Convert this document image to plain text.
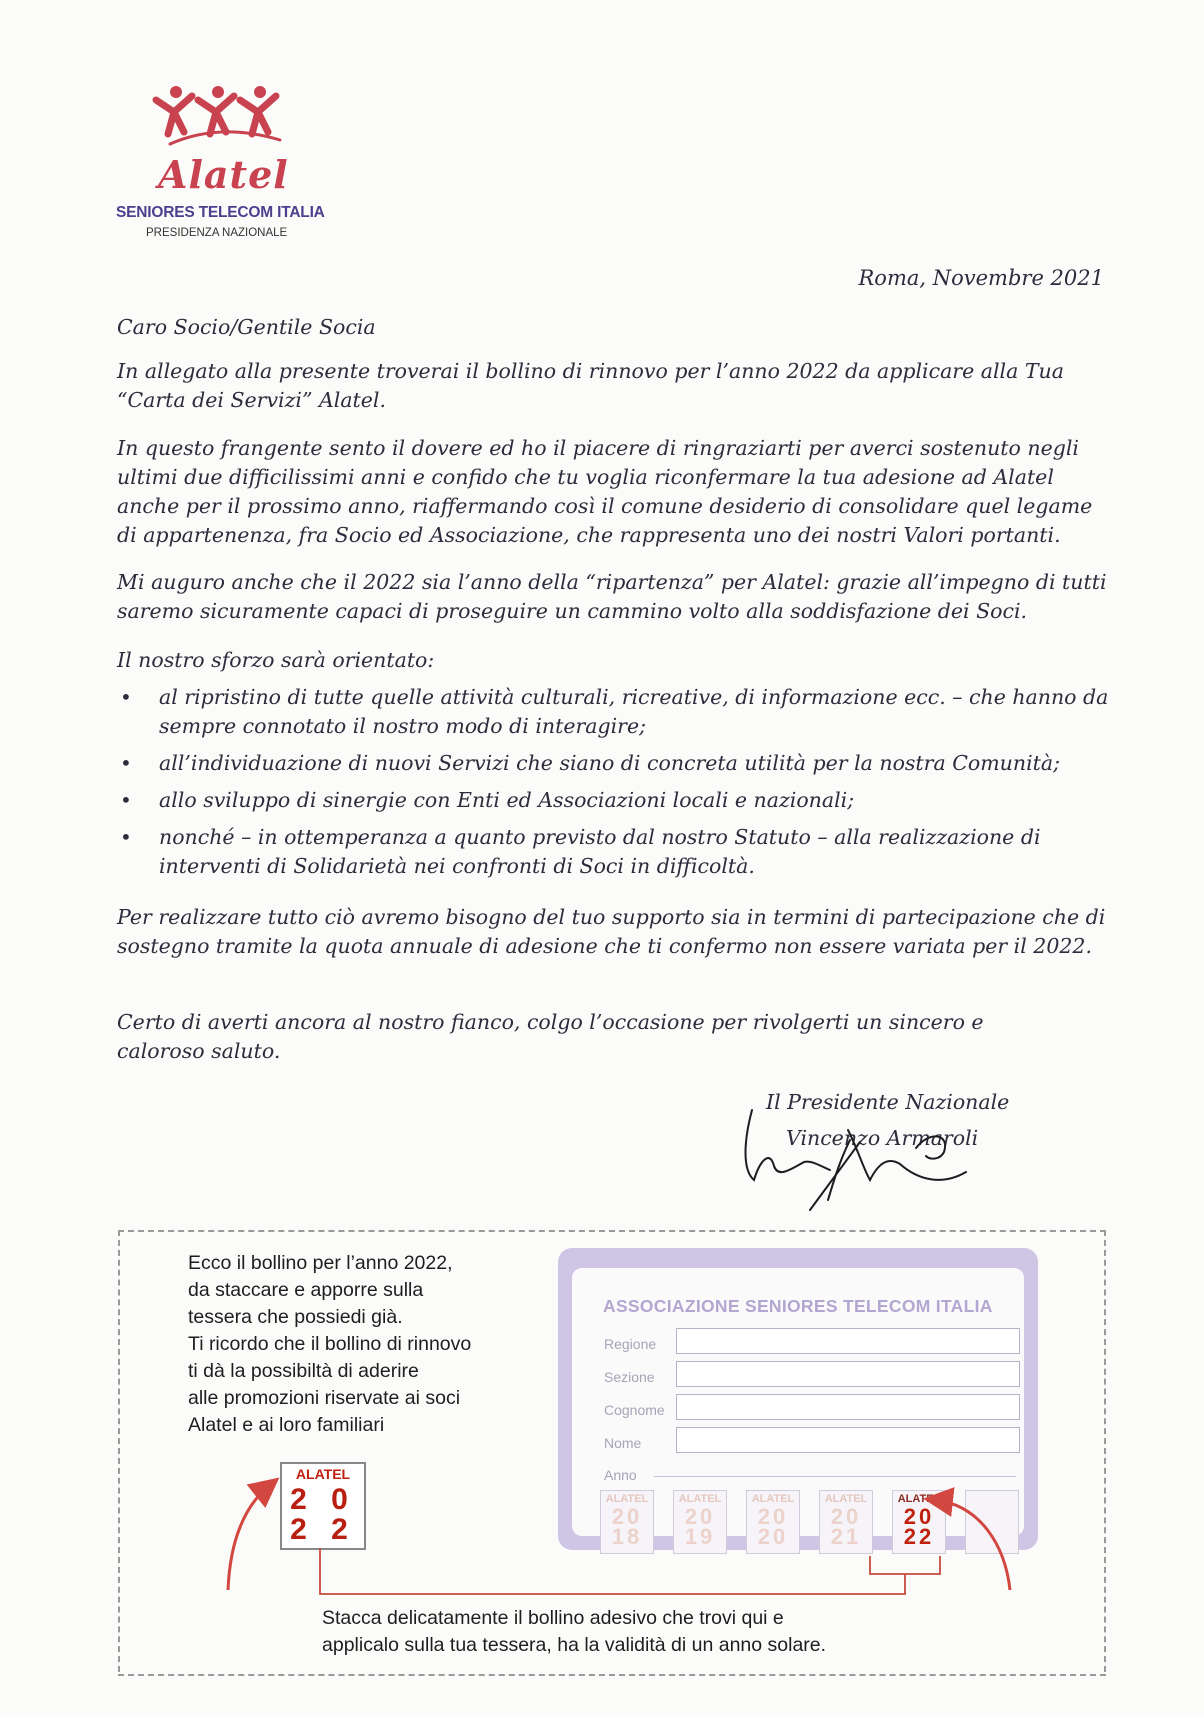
Alatel
SENIORES TELECOM ITALIA
PRESIDENZA NAZIONALE
Roma, Novembre 2021
Caro Socio/Gentile Socia

In allegato alla presente troverai il bollino di rinnovo per l’anno 2022 da applicare alla Tua “Carta dei Servizi” Alatel.

In questo frangente sento il dovere ed ho il piacere di ringraziarti per averci sostenuto negli ultimi due difficilissimi anni e confido che tu voglia riconfermare la tua adesione ad Alatel anche per il prossimo anno, riaffermando così il comune desiderio di consolidare quel legame di appartenenza, fra Socio ed Associazione, che rappresenta uno dei nostri Valori portanti.

Mi auguro anche che il 2022 sia l’anno della “ripartenza” per Alatel: grazie all’impegno di tutti saremo sicuramente capaci di proseguire un cammino volto alla soddisfazione dei Soci.

Il nostro sforzo sarà orientato:

• al ripristino di tutte quelle attività culturali, ricreative, di informazione ecc. – che hanno da sempre connotato il nostro modo di interagire;
• all’individuazione di nuovi Servizi che siano di concreta utilità per la nostra Comunità;
• allo sviluppo di sinergie con Enti ed Associazioni locali e nazionali;
• nonché – in ottemperanza a quanto previsto dal nostro Statuto – alla realizzazione di interventi di Solidarietà nei confronti di Soci in difficoltà.

Per realizzare tutto ciò avremo bisogno del tuo supporto sia in termini di partecipazione che di sostegno tramite la quota annuale di adesione che ti confermo non essere variata per il 2022.

Certo di averti ancora al nostro fianco, colgo l’occasione per rivolgerti un sincero e caloroso saluto.

Il Presidente Nazionale
Vincenzo Armaroli
Ecco il bollino per l’anno 2022,
da staccare e apporre sulla
tessera che possiedi già.
Ti ricordo che il bollino di rinnovo
ti dà la possibiltà di aderire
alle promozioni riservate ai soci
Alatel e ai loro familiari
ASSOCIAZIONE SENIORES TELECOM ITALIA
Regione
Sezione
Cognome
Nome
Anno
ALATEL
20
18
ALATEL
20
19
ALATEL
20
20
ALATEL
20
21
ALATEL
20
22
ALATEL
2 0
2 2
Stacca delicatamente il bollino adesivo che trovi qui e
applicalo sulla tua tessera, ha la validità di un anno solare.
